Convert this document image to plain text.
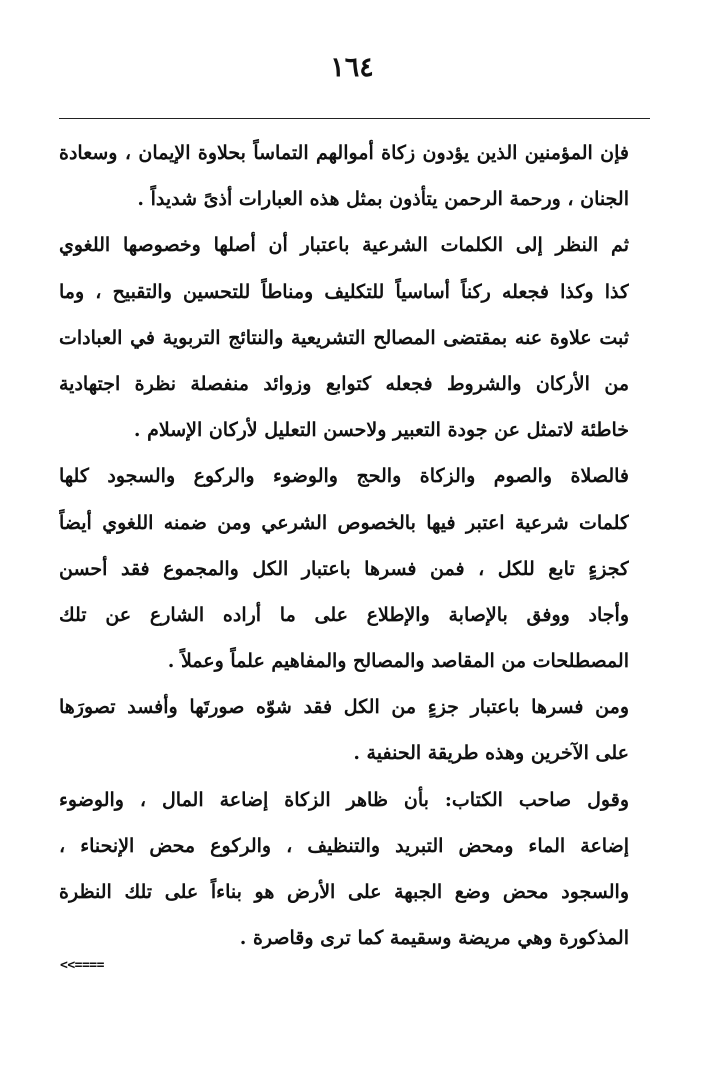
١٦٤
فإن المؤمنين الذين يؤدون زكاة أموالهم التماساً بحلاوة الإيمان ، وسعادة
الجنان ، ورحمة الرحمن يتأذون بمثل هذه العبارات أذىً شديداً .
ثم النظر إلى الكلمات الشرعية باعتبار أن أصلها وخصوصها اللغوي
كذا وكذا فجعله ركناً أساسياً للتكليف ومناطاً للتحسين والتقبيح ، وما
ثبت علاوة عنه بمقتضى المصالح التشريعية والنتائج التربوية في العبادات
من الأركان والشروط فجعله كتوابع وزوائد منفصلة نظرة اجتهادية
خاطئة لاتمثل عن جودة التعبير ولاحسن التعليل لأركان الإسلام .
فالصلاة والصوم والزكاة والحج والوضوء والركوع والسجود كلها
كلمات شرعية اعتبر فيها بالخصوص الشرعي ومن ضمنه اللغوي أيضاً
كجزءٍ تابع للكل ، فمن فسرها باعتبار الكل والمجموع فقد أحسن
وأجاد ووفق بالإصابة والإطلاع على ما أراده الشارع عن تلك
المصطلحات من المقاصد والمصالح والمفاهيم علماً وعملاً .
ومن فسرها باعتبار جزءٍ من الكل فقد شوّه صورتَها وأفسد تصورَها
على الآخرين وهذه طريقة الحنفية .
وقول صاحب الكتاب: بأن ظاهر الزكاة إضاعة المال ، والوضوء
إضاعة الماء ومحض التبريد والتنظيف ، والركوع محض الإنحناء ،
والسجود محض وضع الجبهة على الأرض هو بناءاً على تلك النظرة
المذكورة وهي مريضة وسقيمة كما ترى وقاصرة .
<<====
